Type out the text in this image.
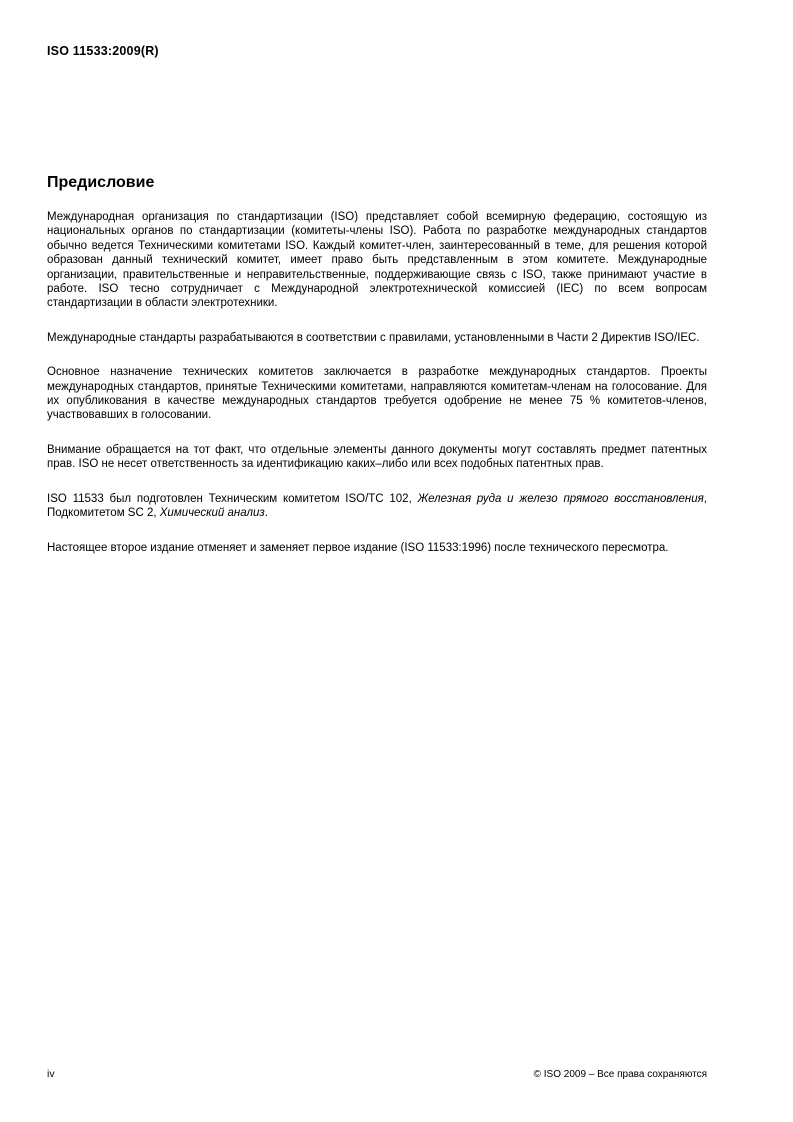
ISO 11533:2009(R)
Предисловие

Международная организация по стандартизации (ISO) представляет собой всемирную федерацию, состоящую из национальных органов по стандартизации (комитеты-члены ISO). Работа по разработке международных стандартов обычно ведется Техническими комитетами ISO. Каждый комитет-член, заинтересованный в теме, для решения которой образован данный технический комитет, имеет право быть представленным в этом комитете. Международные организации, правительственные и неправительственные, поддерживающие связь с ISO, также принимают участие в работе. ISO тесно сотрудничает с Международной электротехнической комиссией (IEC) по всем вопросам стандартизации в области электротехники.

Международные стандарты разрабатываются в соответствии с правилами, установленными в Части 2 Директив ISO/IEC.

Основное назначение технических комитетов заключается в разработке международных стандартов. Проекты международных стандартов, принятые Техническими комитетами, направляются комитетам-членам на голосование. Для их опубликования в качестве международных стандартов требуется одобрение не менее 75 % комитетов-членов, участвовавших в голосовании.

Внимание обращается на тот факт, что отдельные элементы данного документы могут составлять предмет патентных прав. ISO не несет ответственность за идентификацию каких–либо или всех подобных патентных прав.

ISO 11533 был подготовлен Техническим комитетом ISO/TC 102, Железная руда и железо прямого восстановления, Подкомитетом SC 2, Химический анализ.

Настоящее второе издание отменяет и заменяет первое издание (ISO 11533:1996) после технического пересмотра.

iv	© ISO 2009 – Все права сохраняются
